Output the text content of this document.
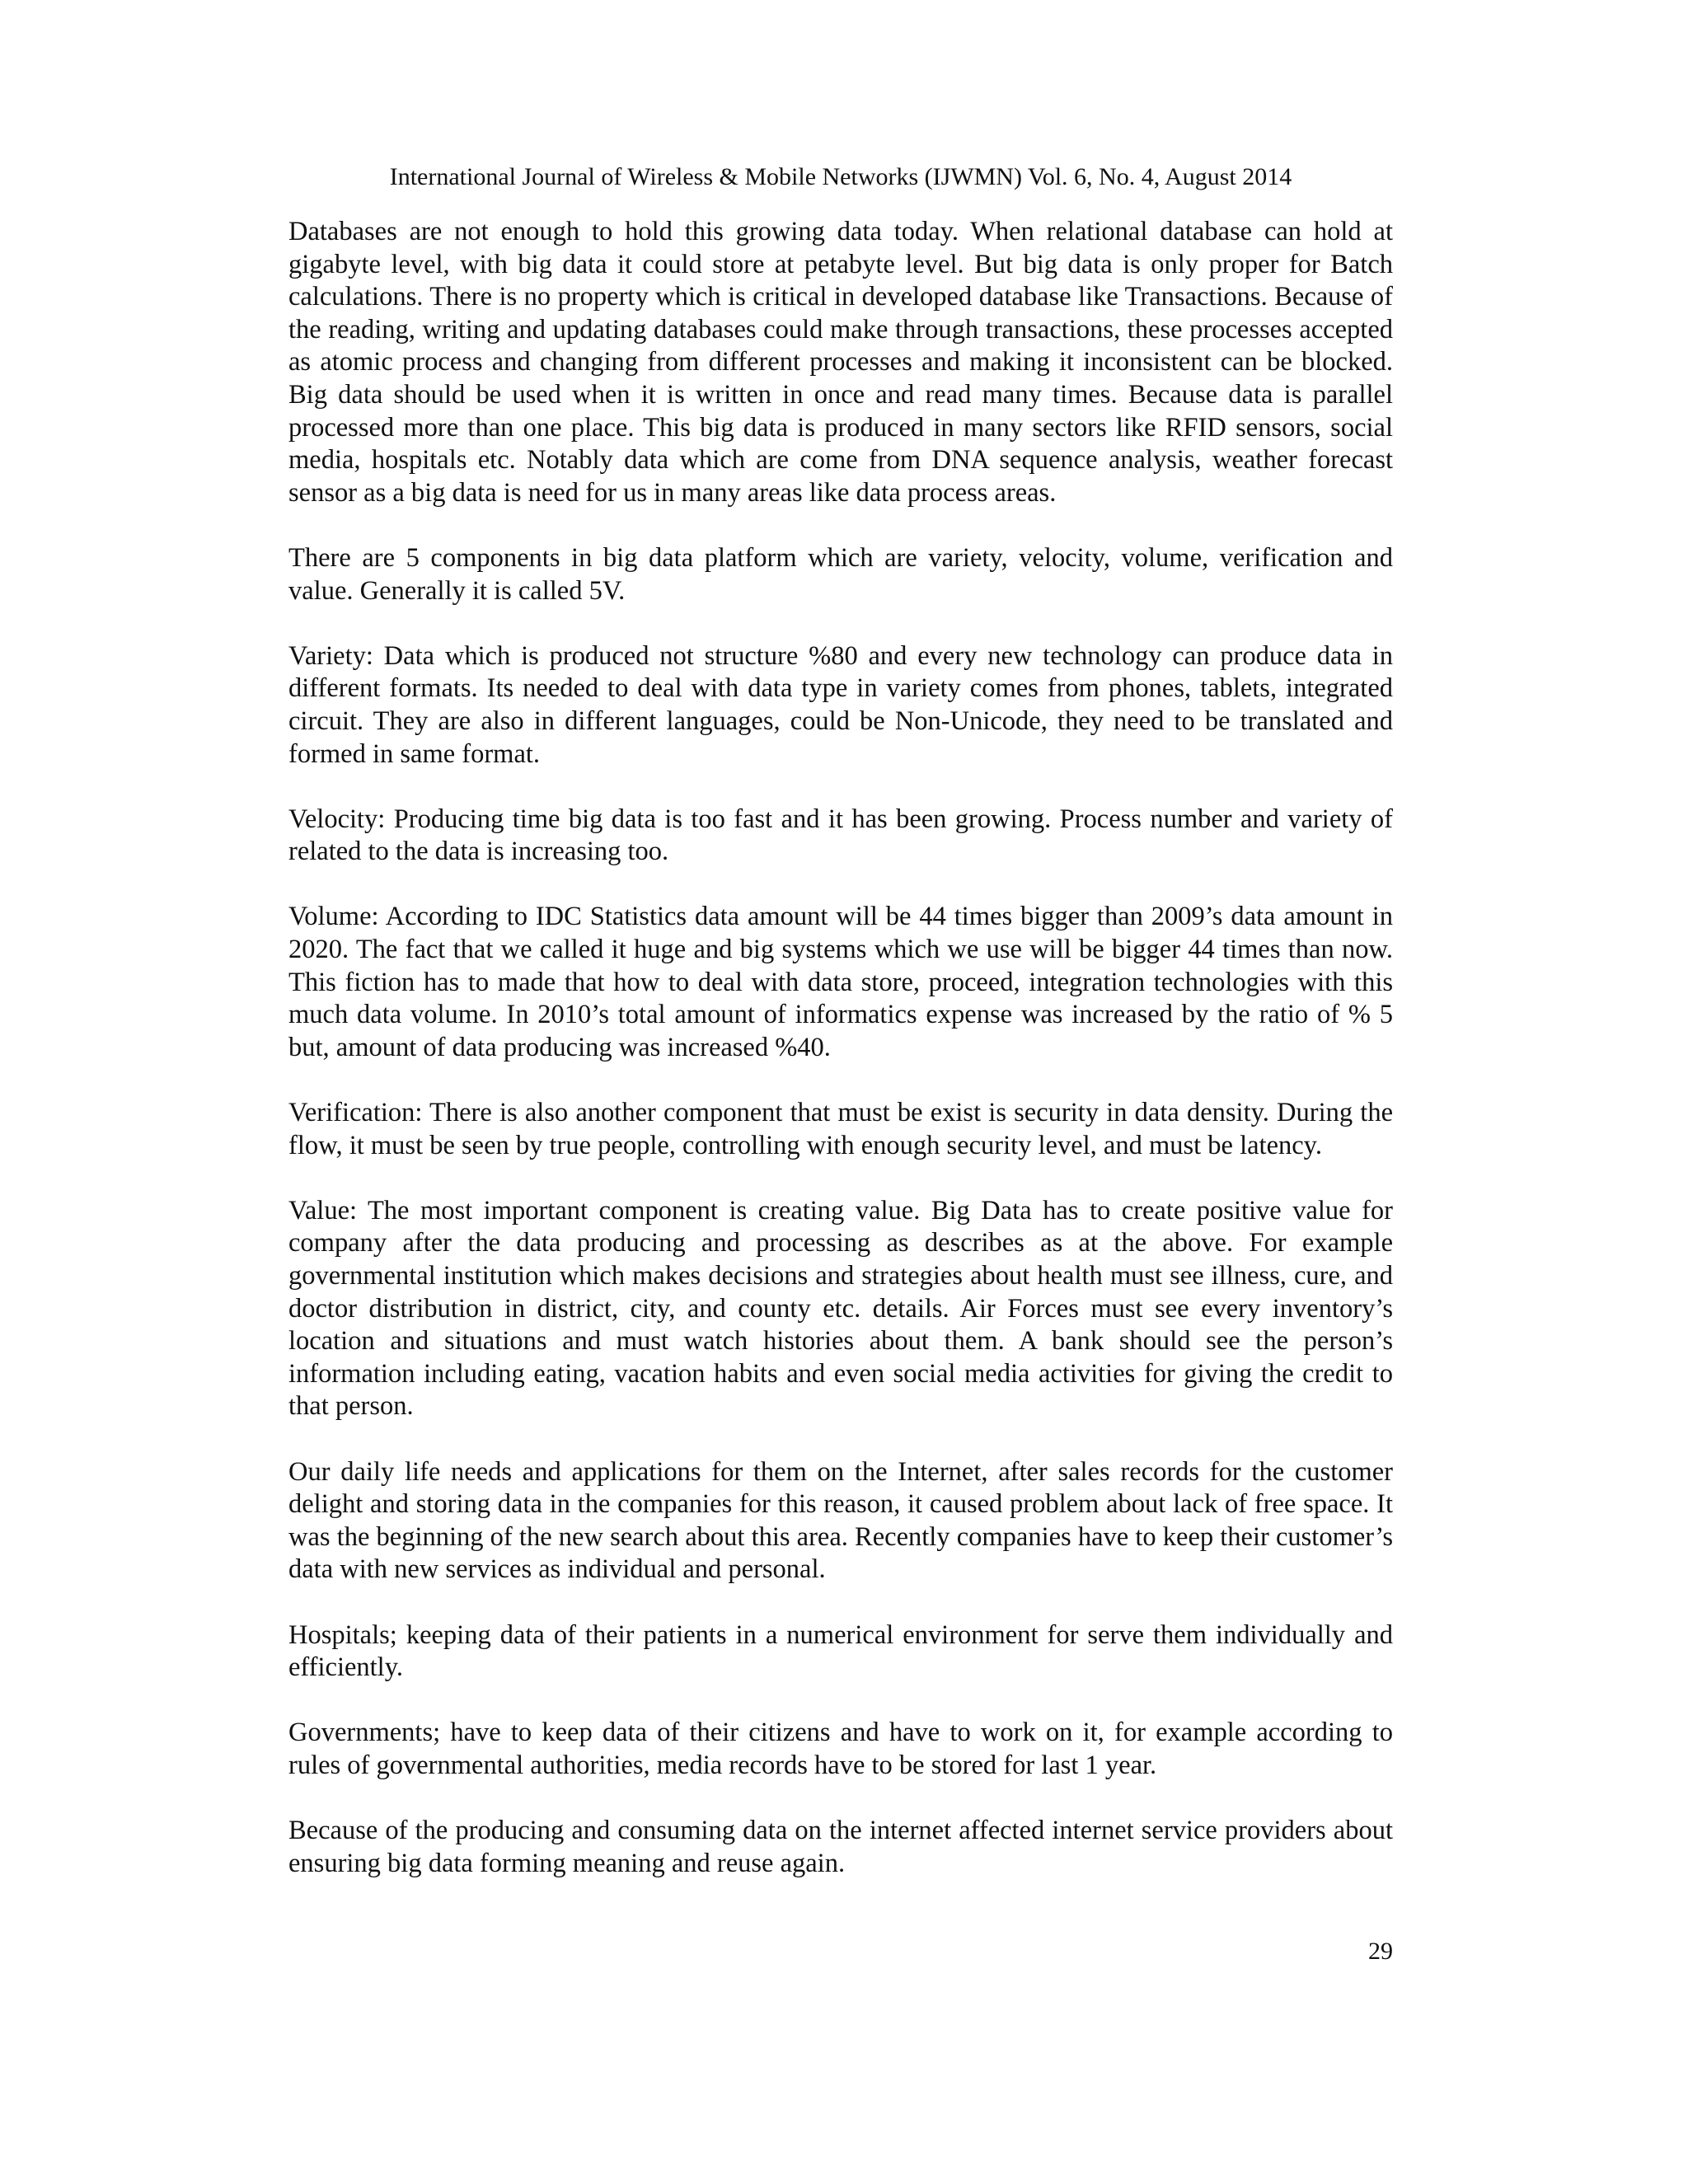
International Journal of Wireless & Mobile Networks (IJWMN) Vol. 6, No. 4, August 2014

Databases are not enough to hold this growing data today. When relational database can hold at gigabyte level, with big data it could store at petabyte level. But big data is only proper for Batch calculations. There is no property which is critical in developed database like Transactions. Because of the reading, writing and updating databases could make through transactions, these processes accepted as atomic process and changing from different processes and making it inconsistent can be blocked. Big data should be used when it is written in once and read many times. Because data is parallel processed more than one place. This big data is produced in many sectors like RFID sensors, social media, hospitals etc. Notably data which are come from DNA sequence analysis, weather forecast sensor as a big data is need for us in many areas like data process areas.

There are 5 components in big data platform which are variety, velocity, volume, verification and value. Generally it is called 5V.

Variety: Data which is produced not structure %80 and every new technology can produce data in different formats. Its needed to deal with data type in variety comes from phones, tablets, integrated circuit. They are also in different languages, could be Non-Unicode, they need to be translated and formed in same format.

Velocity: Producing time big data is too fast and it has been growing. Process number and variety of related to the data is increasing too.

Volume: According to IDC Statistics data amount will be 44 times bigger than 2009’s data amount in 2020. The fact that we called it huge and big systems which we use will be bigger 44 times than now. This fiction has to made that how to deal with data store, proceed, integration technologies with this much data volume. In 2010’s total amount of informatics expense was increased by the ratio of % 5 but, amount of data producing was increased %40.

Verification: There is also another component that must be exist is security in data density. During the flow, it must be seen by true people, controlling with enough security level, and must be latency.

Value: The most important component is creating value. Big Data has to create positive value for company after the data producing and processing as describes as at the above. For example governmental institution which makes decisions and strategies about health must see illness, cure, and doctor distribution in district, city, and county etc. details. Air Forces must see every inventory’s location and situations and must watch histories about them. A bank should see the person’s information including eating, vacation habits and even social media activities for giving the credit to that person.

Our daily life needs and applications for them on the Internet, after sales records for the customer delight and storing data in the companies for this reason, it caused problem about lack of free space. It was the beginning of the new search about this area. Recently companies have to keep their customer’s data with new services as individual and personal.

Hospitals; keeping data of their patients in a numerical environment for serve them individually and efficiently.

Governments; have to keep data of their citizens and have to work on it, for example according to rules of governmental authorities, media records have to be stored for last 1 year.

Because of the producing and consuming data on the internet affected internet service providers about ensuring big data forming meaning and reuse again.

29
